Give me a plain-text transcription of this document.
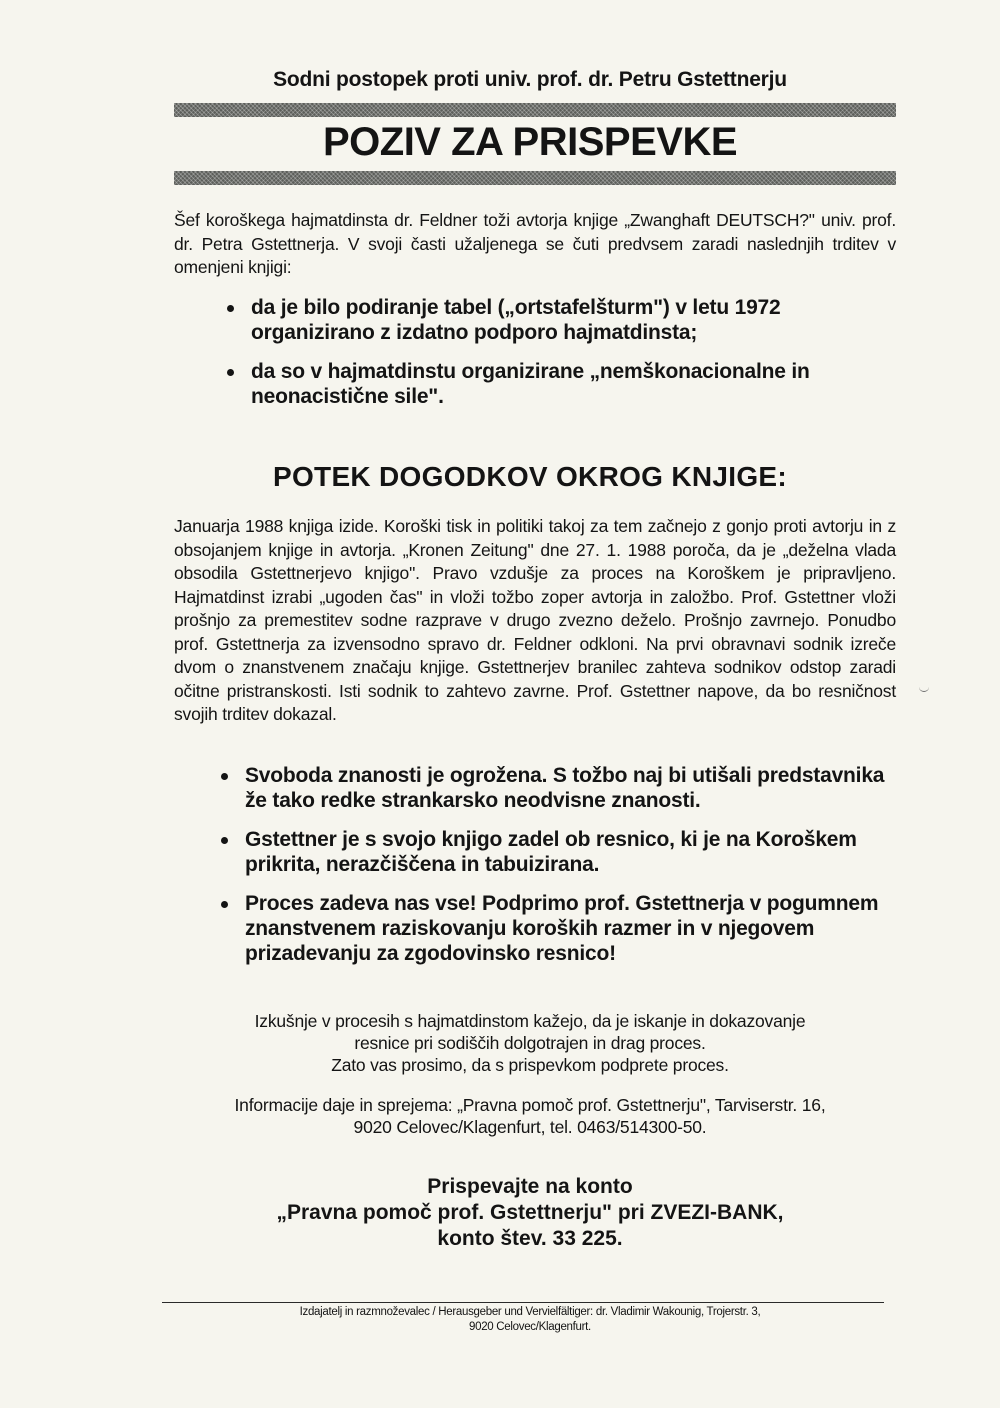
Sodni postopek proti univ. prof. dr. Petru Gstettnerju
POZIV ZA PRISPEVKE

Šef koroškega hajmatdinsta dr. Feldner toži avtorja knjige „Zwanghaft DEUTSCH?" univ. prof. dr. Petra Gstettnerja. V svoji časti užaljenega se čuti predvsem zaradi naslednjih trditev v omenjeni knjigi:

da je bilo podiranje tabel („ortstafelšturm") v letu 1972 organizirano z izdatno podporo hajmatdinsta;
da so v hajmatdinstu organizirane „nemškonacionalne in neonacistične sile".
POTEK DOGODKOV OKROG KNJIGE:

Januarja 1988 knjiga izide. Koroški tisk in politiki takoj za tem začnejo z gonjo proti avtorju in z obsojanjem knjige in avtorja. „Kronen Zeitung" dne 27. 1. 1988 poroča, da je „deželna vlada obsodila Gstettnerjevo knjigo". Pravo vzdušje za proces na Koroškem je pripravljeno. Hajmatdinst izrabi „ugoden čas" in vloži tožbo zoper avtorja in založbo. Prof. Gstettner vloži prošnjo za premestitev sodne razprave v drugo zvezno deželo. Prošnjo zavrnejo. Ponudbo prof. Gstettnerja za izvensodno spravo dr. Feldner odkloni. Na prvi obravnavi sodnik izreče dvom o znanstvenem značaju knjige. Gstettnerjev branilec zahteva sodnikov odstop zaradi očitne pristranskosti. Isti sodnik to zahtevo zavrne. Prof. Gstettner napove, da bo resničnost svojih trditev dokazal.

Svoboda znanosti je ogrožena. S tožbo naj bi utišali predstavnika že tako redke strankarsko neodvisne znanosti.
Gstettner je s svojo knjigo zadel ob resnico, ki je na Koroškem prikrita, nerazčiščena in tabuizirana.
Proces zadeva nas vse! Podprimo prof. Gstettnerja v pogumnem znanstvenem raziskovanju koroških razmer in v njegovem prizadevanju za zgodovinsko resnico!
Izkušnje v procesih s hajmatdinstom kažejo, da je iskanje in dokazovanje
resnice pri sodiščih dolgotrajen in drag proces.
Zato vas prosimo, da s prispevkom podprete proces.
Informacije daje in sprejema: „Pravna pomoč prof. Gstettnerju", Tarviserstr. 16,
9020 Celovec/Klagenfurt, tel. 0463/514300-50.
Prispevajte na konto
„Pravna pomoč prof. Gstettnerju" pri ZVEZI-BANK,
konto štev. 33 225.
Izdajatelj in razmnoževalec / Herausgeber und Vervielfältiger: dr. Vladimir Wakounig, Trojerstr. 3,
9020 Celovec/Klagenfurt.
